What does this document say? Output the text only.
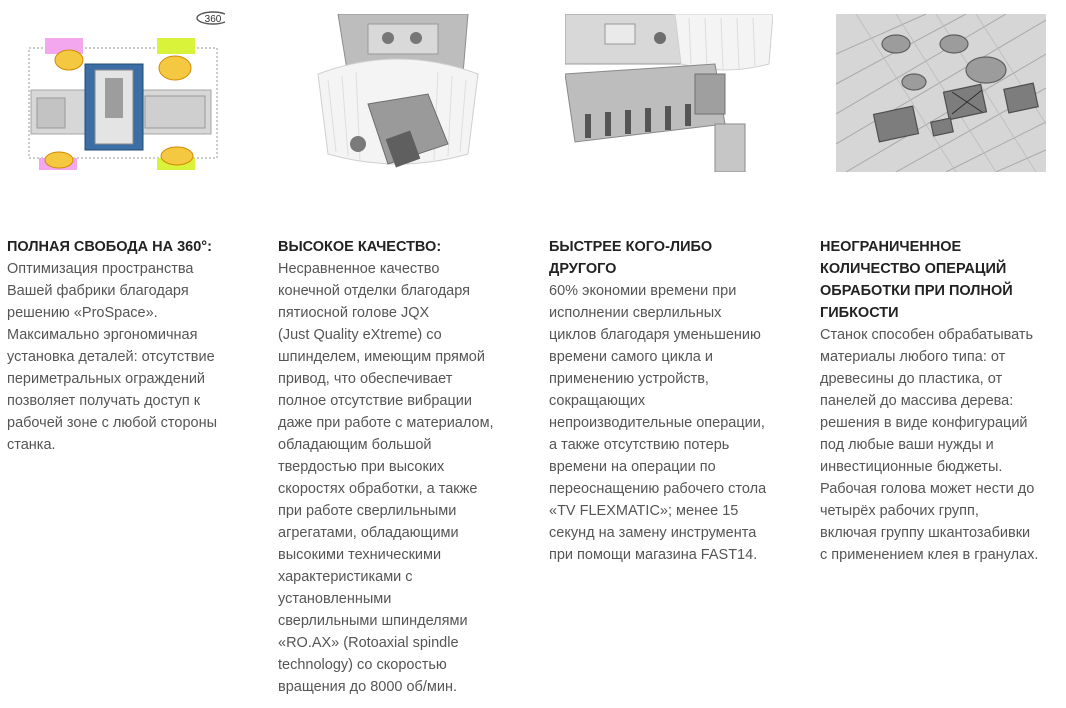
360

ПОЛНАЯ СВОБОДА НА 360°:

Оптимизация пространства
Вашей фабрики благодаря
решению «ProSpace».
Максимально эргономичная
установка деталей: отсутствие
периметральных ограждений
позволяет получать доступ к
рабочей зоне с любой стороны
станка.

ВЫСОКОЕ КАЧЕСТВО:

Несравненное качество
конечной отделки благодаря
пятиосной голове JQX
(Just Quality eXtreme) со
шпинделем, имеющим прямой
привод, что обеспечивает
полное отсутствие вибрации
даже при работе с материалом,
обладающим большой
твердостью при высоких
скоростях обработки, а также
при работе сверлильными
агрегатами, обладающими
высокими техническими
характеристиками с
установленными
сверлильными шпинделями
«RO.AX» (Rotoaxial spindle
technology) со скоростью
вращения до 8000 об/мин.

БЫСТРЕЕ КОГО-ЛИБО
ДРУГОГО

60% экономии времени при
исполнении сверлильных
циклов благодаря уменьшению
времени самого цикла и
применению устройств,
сокращающих
непроизводительные операции,
а также отсутствию потерь
времени на операции по
переоснащению рабочего стола
«TV FLEXMATIC»; менее 15
секунд на замену инструмента
при помощи магазина FAST14.

НЕОГРАНИЧЕННОЕ
КОЛИЧЕСТВО ОПЕРАЦИЙ
ОБРАБОТКИ ПРИ ПОЛНОЙ
ГИБКОСТИ

Станок способен обрабатывать
материалы любого типа: от
древесины до пластика, от
панелей до массива дерева:
решения в виде конфигураций
под любые ваши нужды и
инвестиционные бюджеты.
Рабочая голова может нести до
четырёх рабочих групп,
включая группу шкантозабивки
с применением клея в гранулах.
